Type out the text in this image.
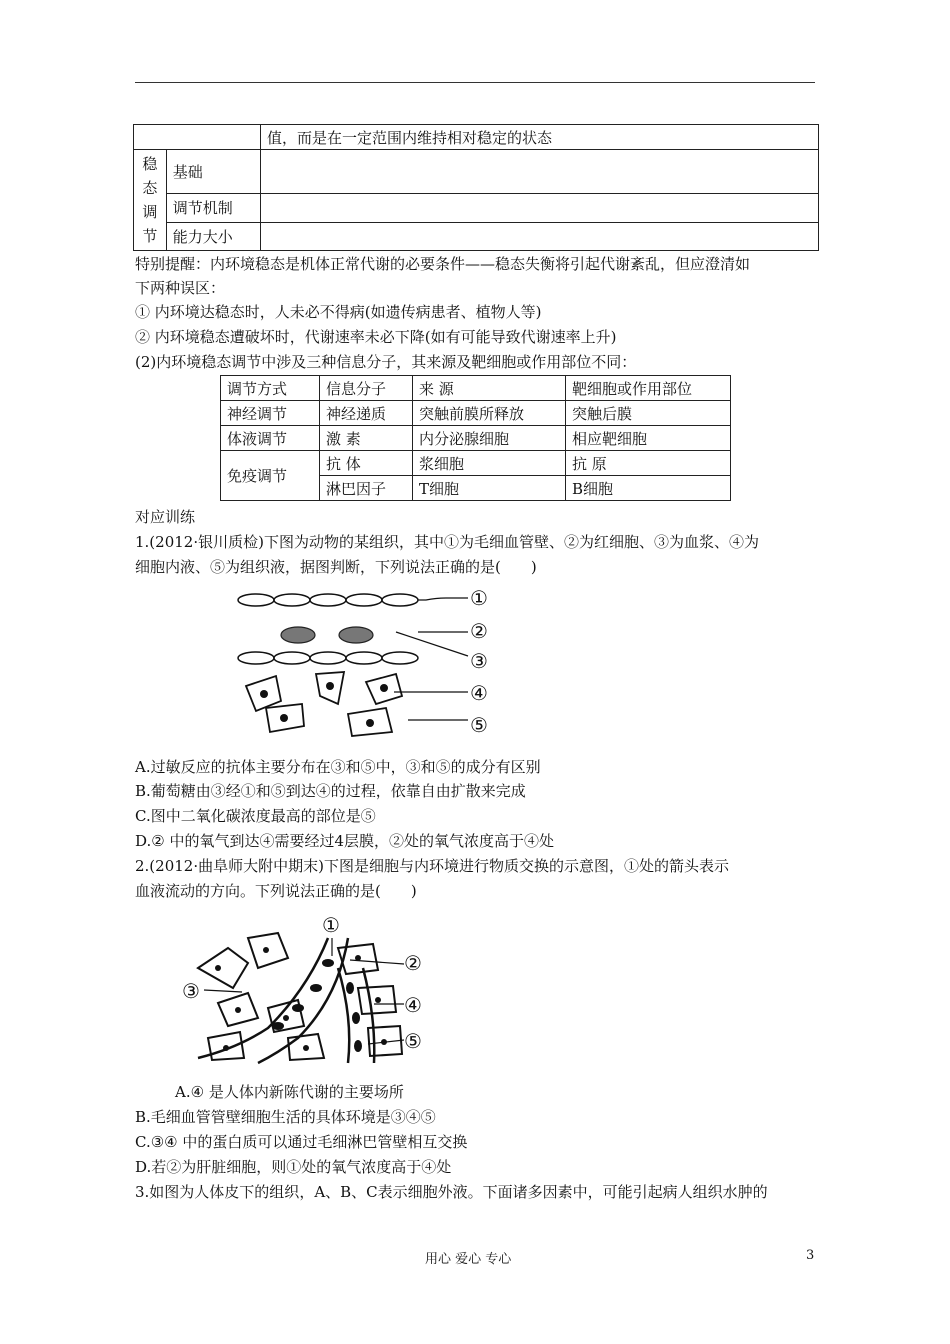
		值，而是在一定范围内维持相对稳定的状态
稳态调节	基础	
	调节机制	
	能力大小	
特别提醒：内环境稳态是机体正常代谢的必要条件——稳态失衡将引起代谢紊乱，但应澄清如
下两种误区：
① 内环境达稳态时，人未必不得病(如遗传病患者、植物人等)
② 内环境稳态遭破坏时，代谢速率未必下降(如有可能导致代谢速率上升)
(2)内环境稳态调节中涉及三种信息分子，其来源及靶细胞或作用部位不同：
调节方式	信息分子	来 源	靶细胞或作用部位
神经调节	神经递质	突触前膜所释放	突触后膜
体液调节	激 素	内分泌腺细胞	相应靶细胞
免疫调节	抗 体	浆细胞	抗 原
	淋巴因子	T细胞	B细胞
对应训练
1.(2012·银川质检)下图为动物的某组织，其中①为毛细血管壁、②为红细胞、③为血浆、④为
细胞内液、⑤为组织液，据图判断，下列说法正确的是(　　)
①
②
③
④
⑤
A.过敏反应的抗体主要分布在③和⑤中，③和⑤的成分有区别
B.葡萄糖由③经①和⑤到达④的过程，依靠自由扩散来完成
C.图中二氧化碳浓度最高的部位是⑤
D.② 中的氧气到达④需要经过4层膜，②处的氧气浓度高于④处
2.(2012·曲阜师大附中期末)下图是细胞与内环境进行物质交换的示意图，①处的箭头表示
血液流动的方向。下列说法正确的是(　　)
①
②
③
④
⑤
A.④ 是人体内新陈代谢的主要场所
B.毛细血管管壁细胞生活的具体环境是③④⑤
C.③④ 中的蛋白质可以通过毛细淋巴管壁相互交换
D.若②为肝脏细胞，则①处的氧气浓度高于④处
3.如图为人体皮下的组织，A、B、C表示细胞外液。下面诸多因素中，可能引起病人组织水肿的
用心 爱心 专心	3
